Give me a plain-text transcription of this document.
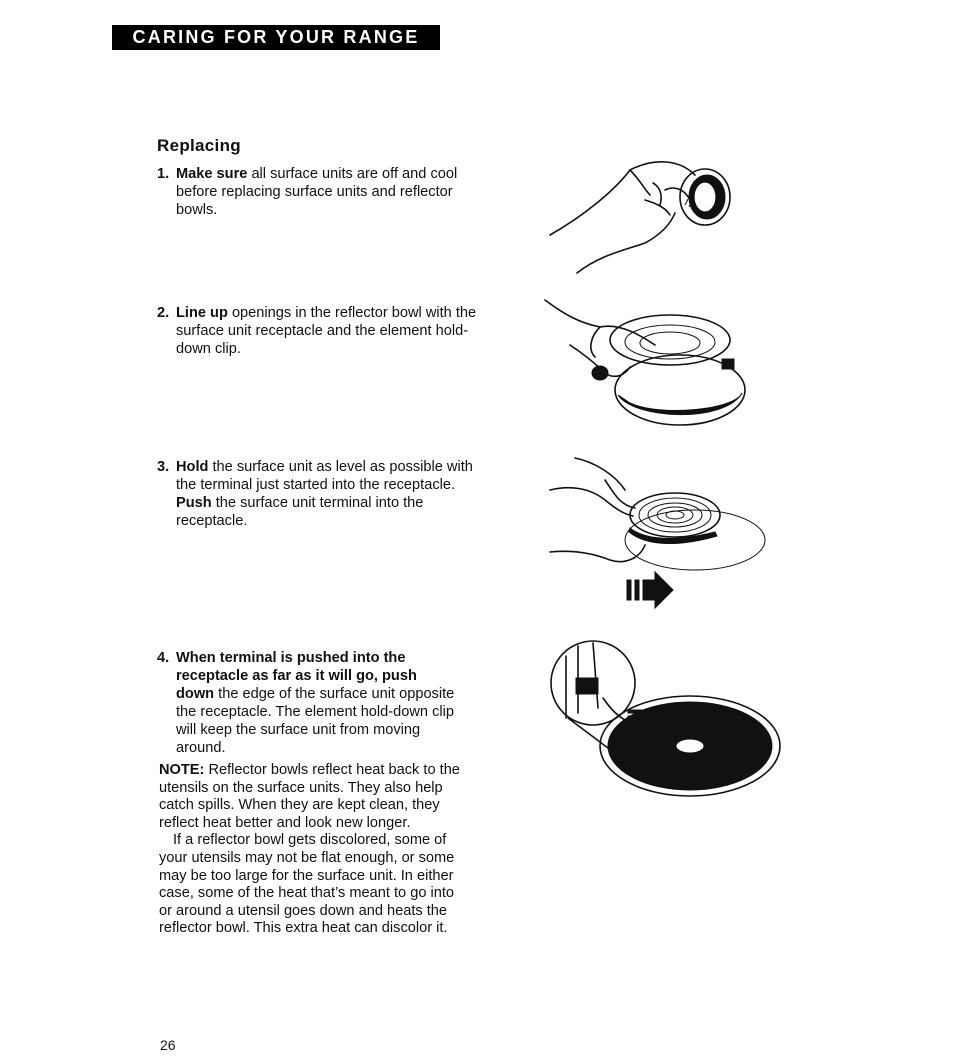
CARING FOR YOUR RANGE
Replacing
1. Make sure all surface units are off and cool before replacing surface units and reflector bowls.
2. Line up openings in the reflector bowl with the surface unit receptacle and the element hold-down clip.
3. Hold the surface unit as level as possible with the terminal just started into the receptacle. Push the surface unit terminal into the receptacle.
4. When terminal is pushed into the receptacle as far as it will go, push down the edge of the surface unit opposite the receptacle. The element hold-down clip will keep the surface unit from moving around.

NOTE: Reflector bowls reflect heat back to the utensils on the surface units. They also help catch spills. When they are kept clean, they reflect heat better and look new longer.

If a reflector bowl gets discolored, some of your utensils may not be flat enough, or some may be too large for the surface unit. In either case, some of the heat that’s meant to go into or around a utensil goes down and heats the reflector bowl. This extra heat can discolor it.

26
